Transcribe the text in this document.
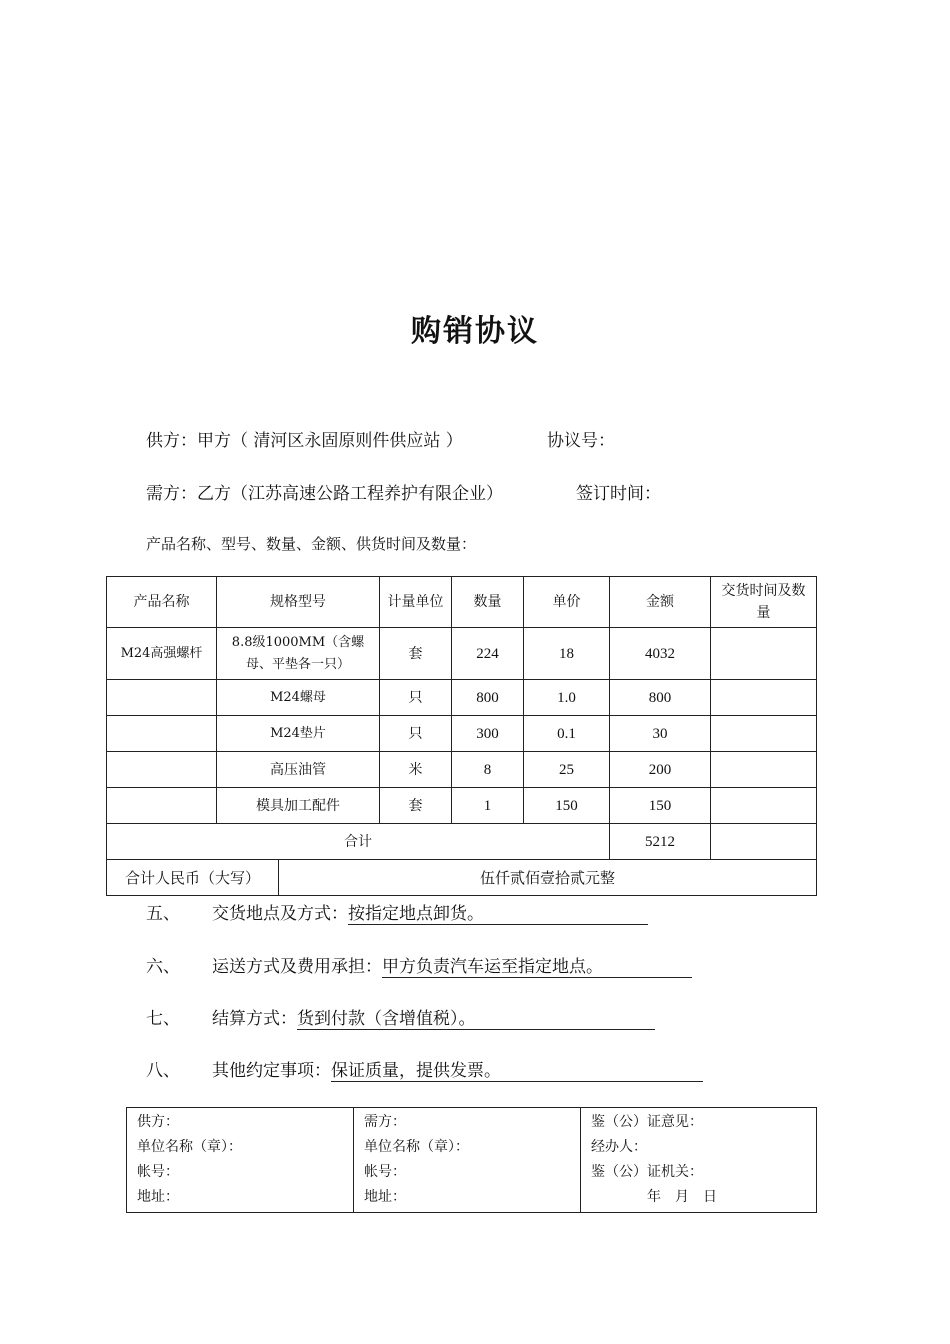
购销协议
供方：甲方（ 清河区永固原则件供应站 ）	协议号：
需方：乙方（江苏高速公路工程养护有限企业）	签订时间：
产品名称、型号、数量、金额、供货时间及数量：
产品名称	规格型号	计量单位	数量	单价	金额	交货时间及数量
M24高强螺杆	8.8级1000MM（含螺母、平垫各一只）	套	224	18	4032	
	M24螺母	只	800	1.0	800	
	M24垫片	只	300	0.1	30	
	高压油管	米	8	25	200	
	模具加工配件	套	1	150	150	
合计					5212	
合计人民币（大写）	伍仟贰佰壹拾贰元整
五、 交货地点及方式：按指定地点卸货。
六、 运送方式及费用承担：甲方负责汽车运至指定地点。
七、 结算方式：货到付款（含增值税）。
八、 其他约定事项：保证质量，提供发票。
供方：
单位名称（章）：
帐号：
地址：

需方：
单位名称（章）：
帐号：
地址：

鉴（公）证意见：
经办人：
鉴（公）证机关：
年　月　日
